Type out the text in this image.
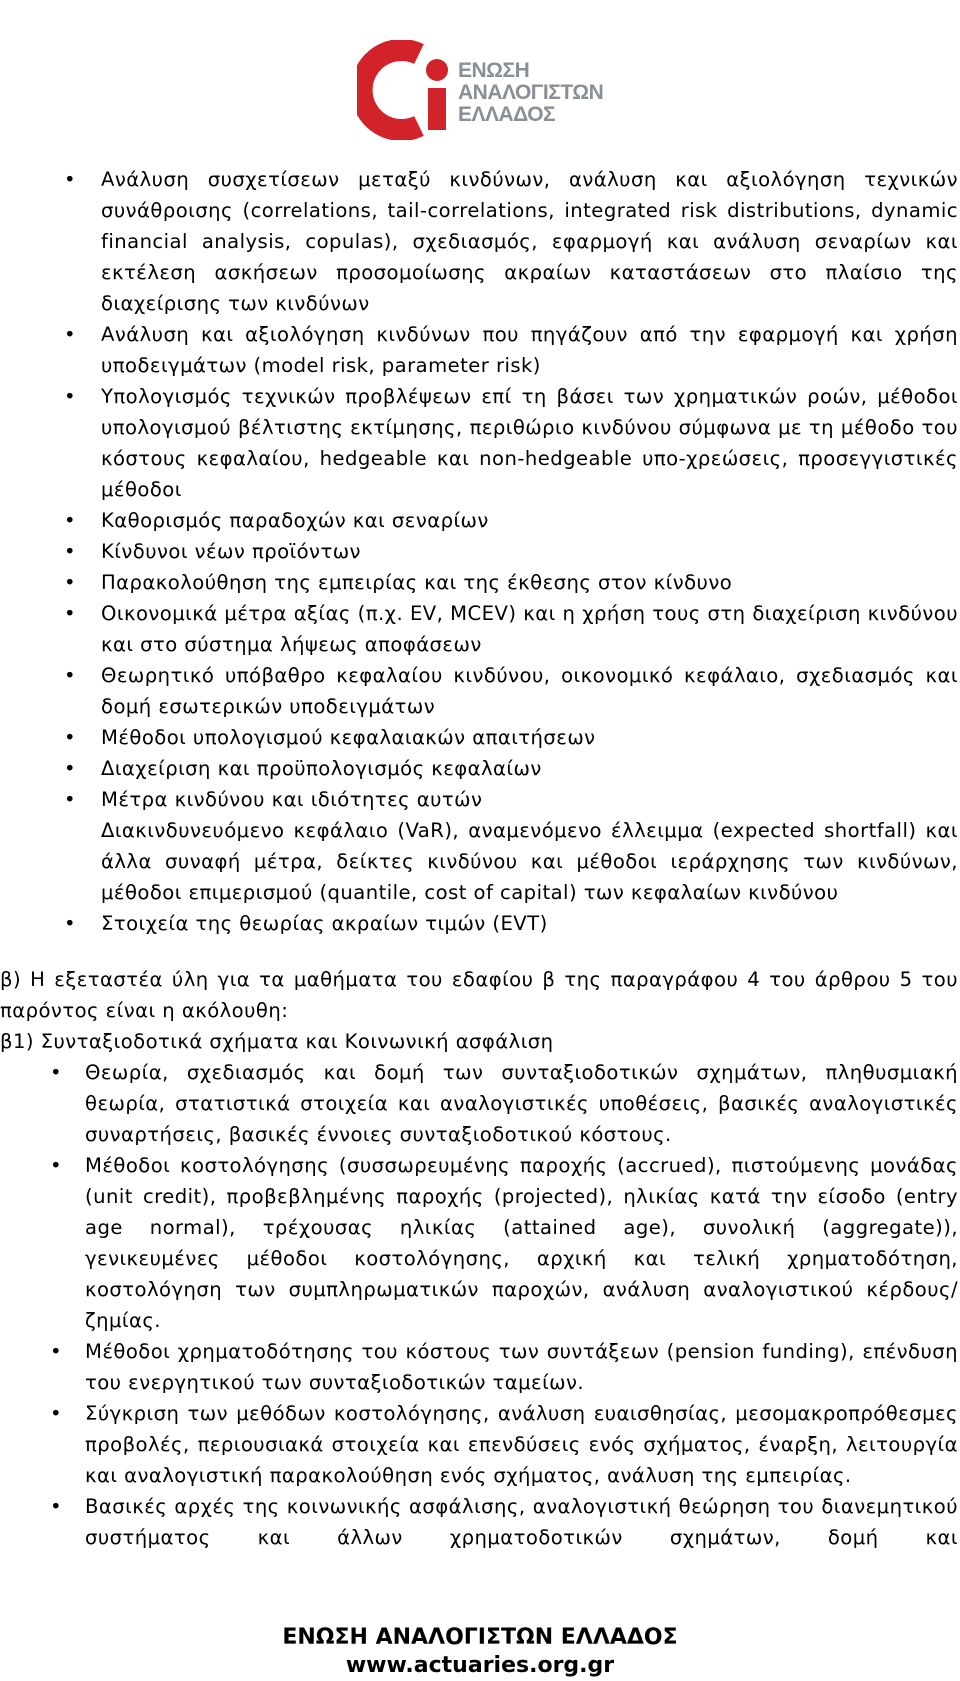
ΕΝΩΣΗ
ΑΝΑΛΟΓΙΣΤΩΝ
ΕΛΛΑΔΟΣ
• Ανάλυση συσχετίσεων μεταξύ κινδύνων, ανάλυση και αξιολόγηση τεχνικών συνάθροισης (correlations, tail-correlations, integrated risk distributions, dynamic financial analysis, copulas), σχεδιασμός, εφαρμογή και ανάλυση σεναρίων και εκτέλεση ασκήσεων προσομοίωσης ακραίων καταστάσεων στο πλαίσιο της διαχείρισης των κινδύνων
• Ανάλυση και αξιολόγηση κινδύνων που πηγάζουν από την εφαρμογή και χρήση υποδειγμάτων (model risk, parameter risk)
• Υπολογισμός τεχνικών προβλέψεων επί τη βάσει των χρηματικών ροών, μέθοδοι υπολογισμού βέλτιστης εκτίμησης, περιθώριο κινδύνου σύμφωνα με τη μέθοδο του κόστους κεφαλαίου, hedgeable και non-hedgeable υπο-χρεώσεις, προσεγγιστικές μέθοδοι
• Καθορισμός παραδοχών και σεναρίων
• Κίνδυνοι νέων προϊόντων
• Παρακολούθηση της εμπειρίας και της έκθεσης στον κίνδυνο
• Οικονομικά μέτρα αξίας (π.χ. EV, MCEV) και η χρήση τους στη διαχείριση κινδύνου και στο σύστημα λήψεως αποφάσεων
• Θεωρητικό υπόβαθρο κεφαλαίου κινδύνου, οικονομικό κεφάλαιο, σχεδιασμός και δομή εσωτερικών υποδειγμάτων
• Μέθοδοι υπολογισμού κεφαλαιακών απαιτήσεων
• Διαχείριση και προϋπολογισμός κεφαλαίων
• Μέτρα κινδύνου και ιδιότητες αυτών
Διακινδυνευόμενο κεφάλαιο (VaR), αναμενόμενο έλλειμμα (expected shortfall) και άλλα συναφή μέτρα, δείκτες κινδύνου και μέθοδοι ιεράρχησης των κινδύνων, μέθοδοι επιμερισμού (quantile, cost of capital) των κεφαλαίων κινδύνου
• Στοιχεία της θεωρίας ακραίων τιμών (EVT)
β) Η εξεταστέα ύλη για τα μαθήματα του εδαφίου β της παραγράφου 4 του άρθρου 5 του παρόντος είναι η ακόλουθη:
β1) Συνταξιοδοτικά σχήματα και Κοινωνική ασφάλιση
• Θεωρία, σχεδιασμός και δομή των συνταξιοδοτικών σχημάτων, πληθυσμιακή θεωρία, στατιστικά στοιχεία και αναλογιστικές υποθέσεις, βασικές αναλογιστικές συναρτήσεις, βασικές έννοιες συνταξιοδοτικού κόστους.
• Μέθοδοι κοστολόγησης (συσσωρευμένης παροχής (accrued), πιστούμενης μονάδας (unit credit), προβεβλημένης παροχής (projected), ηλικίας κατά την είσοδο (entry age normal), τρέχουσας ηλικίας (attained age), συνολική (aggregate)), γενικευμένες μέθοδοι κοστολόγησης, αρχική και τελική χρηματοδότηση, κοστολόγηση των συμπληρωματικών παροχών, ανάλυση αναλογιστικού κέρδους/ζημίας.
• Μέθοδοι χρηματοδότησης του κόστους των συντάξεων (pension funding), επένδυση του ενεργητικού των συνταξιοδοτικών ταμείων.
• Σύγκριση των μεθόδων κοστολόγησης, ανάλυση ευαισθησίας, μεσομακροπρόθεσμες προβολές, περιουσιακά στοιχεία και επενδύσεις ενός σχήματος, έναρξη, λειτουργία και αναλογιστική παρακολούθηση ενός σχήματος, ανάλυση της εμπειρίας.
• Βασικές αρχές της κοινωνικής ασφάλισης, αναλογιστική θεώρηση του διανεμητικού συστήματος και άλλων χρηματοδοτικών σχημάτων, δομή και
ΕΝΩΣΗ ΑΝΑΛΟΓΙΣΤΩΝ ΕΛΛΑΔΟΣ
www.actuaries.org.gr
